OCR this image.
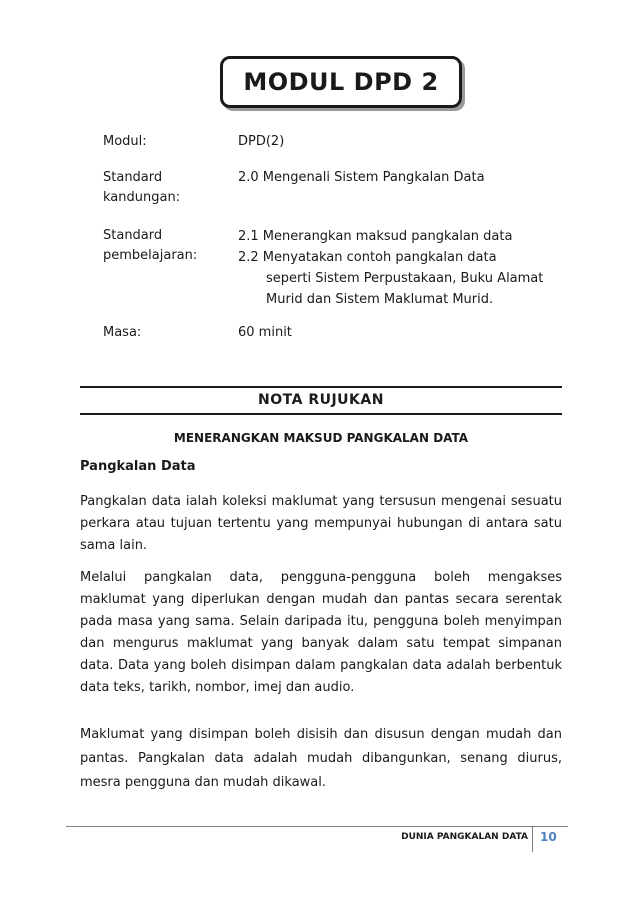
MODUL DPD 2
Modul:	DPD(2)
Standard
kandungan:
2.0 Mengenali Sistem Pangkalan Data
Standard
pembelajaran:
2.1 Menerangkan maksud pangkalan data
2.2 Menyatakan contoh pangkalan data
seperti Sistem Perpustakaan, Buku Alamat
Murid dan Sistem Maklumat Murid.
Masa:	60 minit
NOTA RUJUKAN
MENERANGKAN MAKSUD PANGKALAN DATA
Pangkalan Data
Pangkalan data ialah koleksi maklumat yang tersusun mengenai sesuatu perkara atau tujuan tertentu yang mempunyai hubungan di antara satu sama lain.
Melalui pangkalan data, pengguna-pengguna boleh mengakses maklumat yang diperlukan dengan mudah dan pantas secara serentak pada masa yang sama. Selain daripada itu, pengguna boleh menyimpan dan mengurus maklumat yang banyak dalam satu tempat simpanan data. Data yang boleh disimpan dalam pangkalan data adalah berbentuk data teks, tarikh, nombor, imej dan audio.
Maklumat yang disimpan boleh disisih dan disusun dengan mudah dan pantas. Pangkalan data adalah mudah dibangunkan, senang diurus, mesra pengguna dan mudah dikawal.
DUNIA PANGKALAN DATA 10
